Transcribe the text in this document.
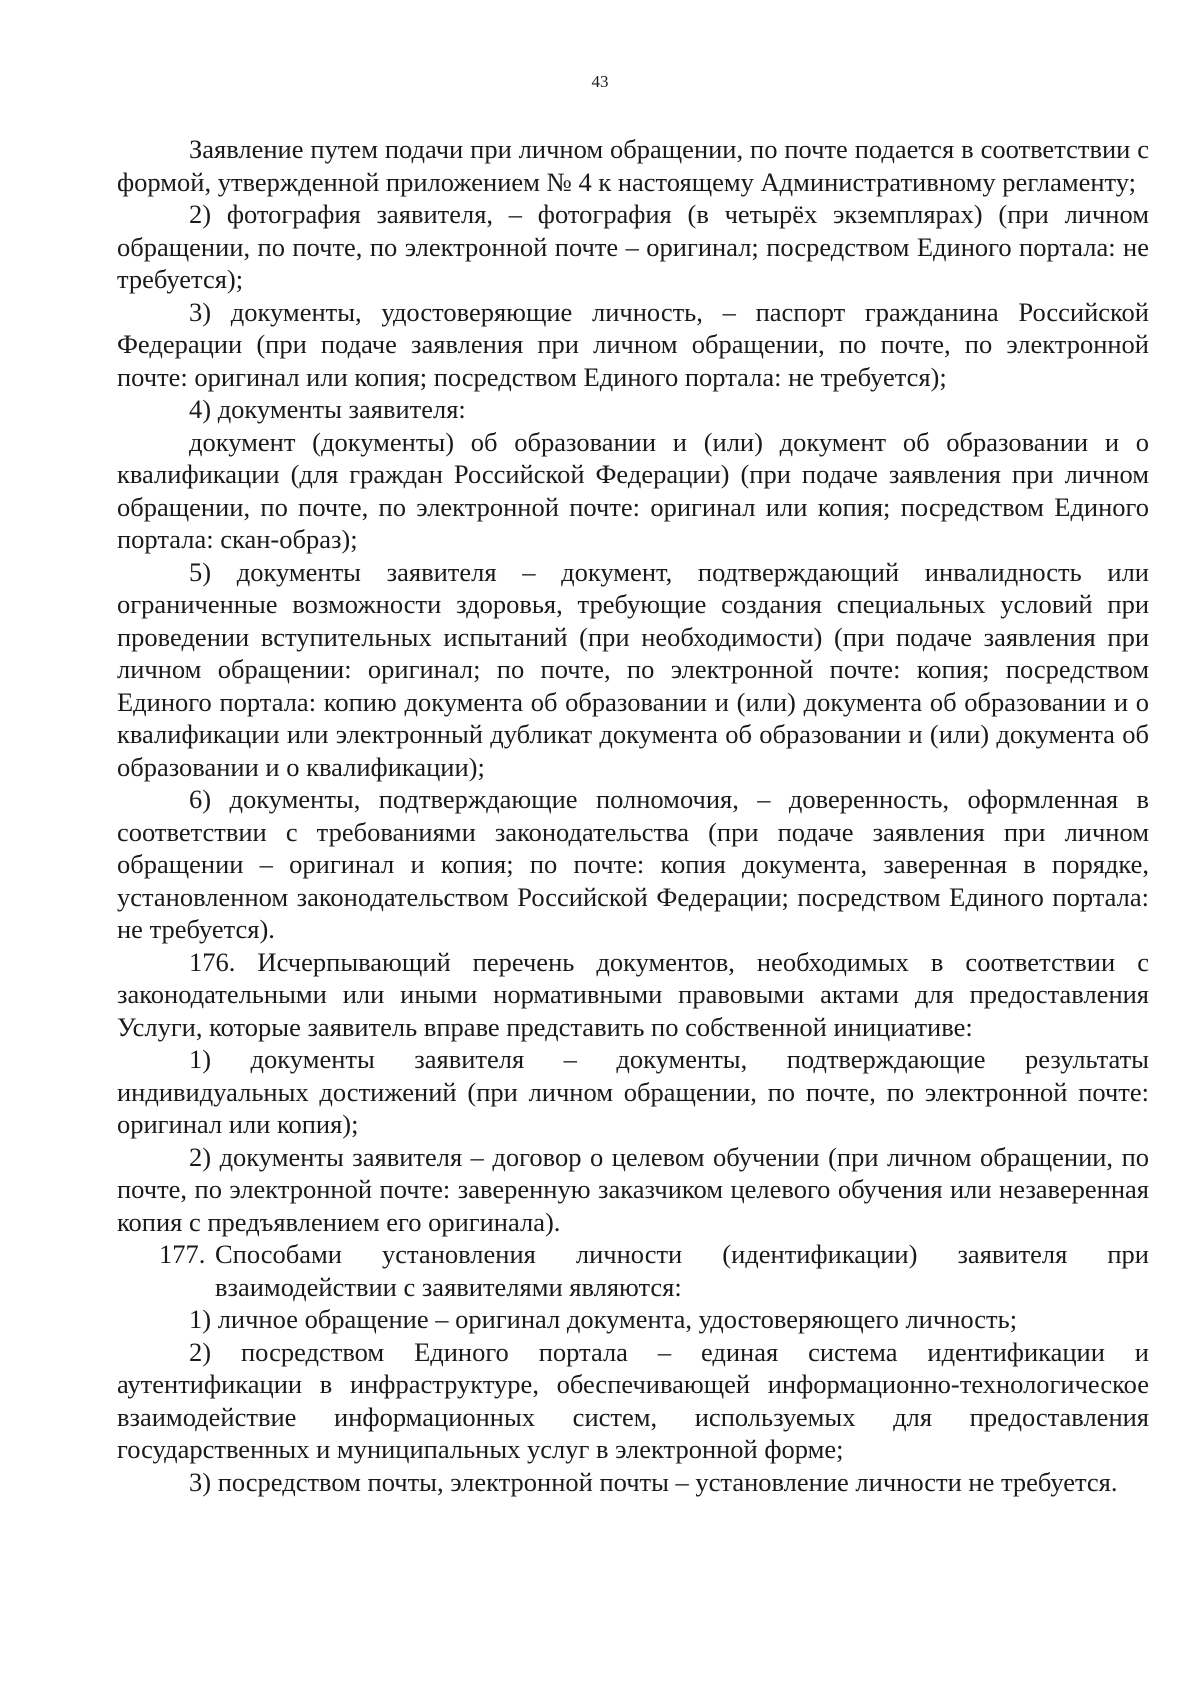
43

Заявление путем подачи при личном обращении, по почте подается в соответствии с формой, утвержденной приложением № 4 к настоящему Административному регламенту;

2) фотография заявителя, – фотография (в четырёх экземплярах) (при личном обращении, по почте, по электронной почте – оригинал; посредством Единого портала: не требуется);

3) документы, удостоверяющие личность, – паспорт гражданина Российской Федерации (при подаче заявления при личном обращении, по почте, по электронной почте: оригинал или копия; посредством Единого портала: не требуется);

4) документы заявителя:

документ (документы) об образовании и (или) документ об образовании и о квалификации (для граждан Российской Федерации) (при подаче заявления при личном обращении, по почте, по электронной почте: оригинал или копия; посредством Единого портала: скан-образ);

5) документы заявителя – документ, подтверждающий инвалидность или ограниченные возможности здоровья, требующие создания специальных условий при проведении вступительных испытаний (при необходимости) (при подаче заявления при личном обращении: оригинал; по почте, по электронной почте: копия; посредством Единого портала: копию документа об образовании и (или) документа об образовании и о квалификации или электронный дубликат документа об образовании и (или) документа об образовании и о квалификации);

6) документы, подтверждающие полномочия, – доверенность, оформленная в соответствии с требованиями законодательства (при подаче заявления при личном обращении – оригинал и копия; по почте: копия документа, заверенная в порядке, установленном законодательством Российской Федерации; посредством Единого портала: не требуется).

176. Исчерпывающий перечень документов, необходимых в соответствии с законодательными или иными нормативными правовыми актами для предоставления Услуги, которые заявитель вправе представить по собственной инициативе:

1) документы заявителя – документы, подтверждающие результаты индивидуальных достижений (при личном обращении, по почте, по электронной почте: оригинал или копия);

2) документы заявителя – договор о целевом обучении (при личном обращении, по почте, по электронной почте: заверенную заказчиком целевого обучения или незаверенная копия с предъявлением его оригинала).

177. Способами установления личности (идентификации) заявителя при взаимодействии с заявителями являются:

1) личное обращение – оригинал документа, удостоверяющего личность;

2) посредством Единого портала – единая система идентификации и аутентификации в инфраструктуре, обеспечивающей информационно-технологическое взаимодействие информационных систем, используемых для предоставления государственных и муниципальных услуг в электронной форме;

3) посредством почты, электронной почты – установление личности не требуется.
